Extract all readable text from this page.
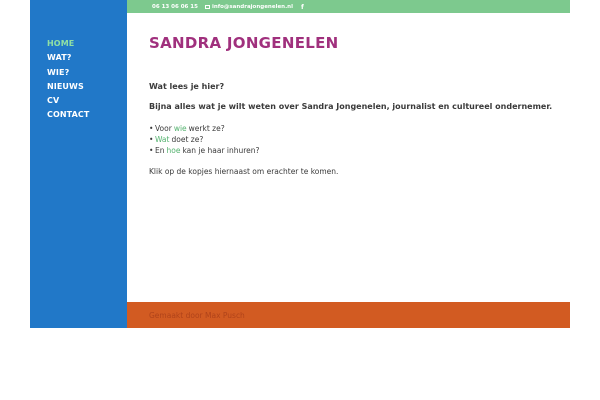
HOME
WAT?
WIE?
NIEUWS
CV
CONTACT
06 13 06 06 15	info@sandrajongenelen.nl f
SANDRA JONGENELEN

Wat lees je hier?

Bijna alles wat je wilt weten over Sandra Jongenelen, journalist en cultureel ondernemer.

• Voor wie werkt ze?
• Wat doet ze?
• En hoe kan je haar inhuren?

Klik op de kopjes hiernaast om erachter te komen.

Gemaakt door Max Pusch
